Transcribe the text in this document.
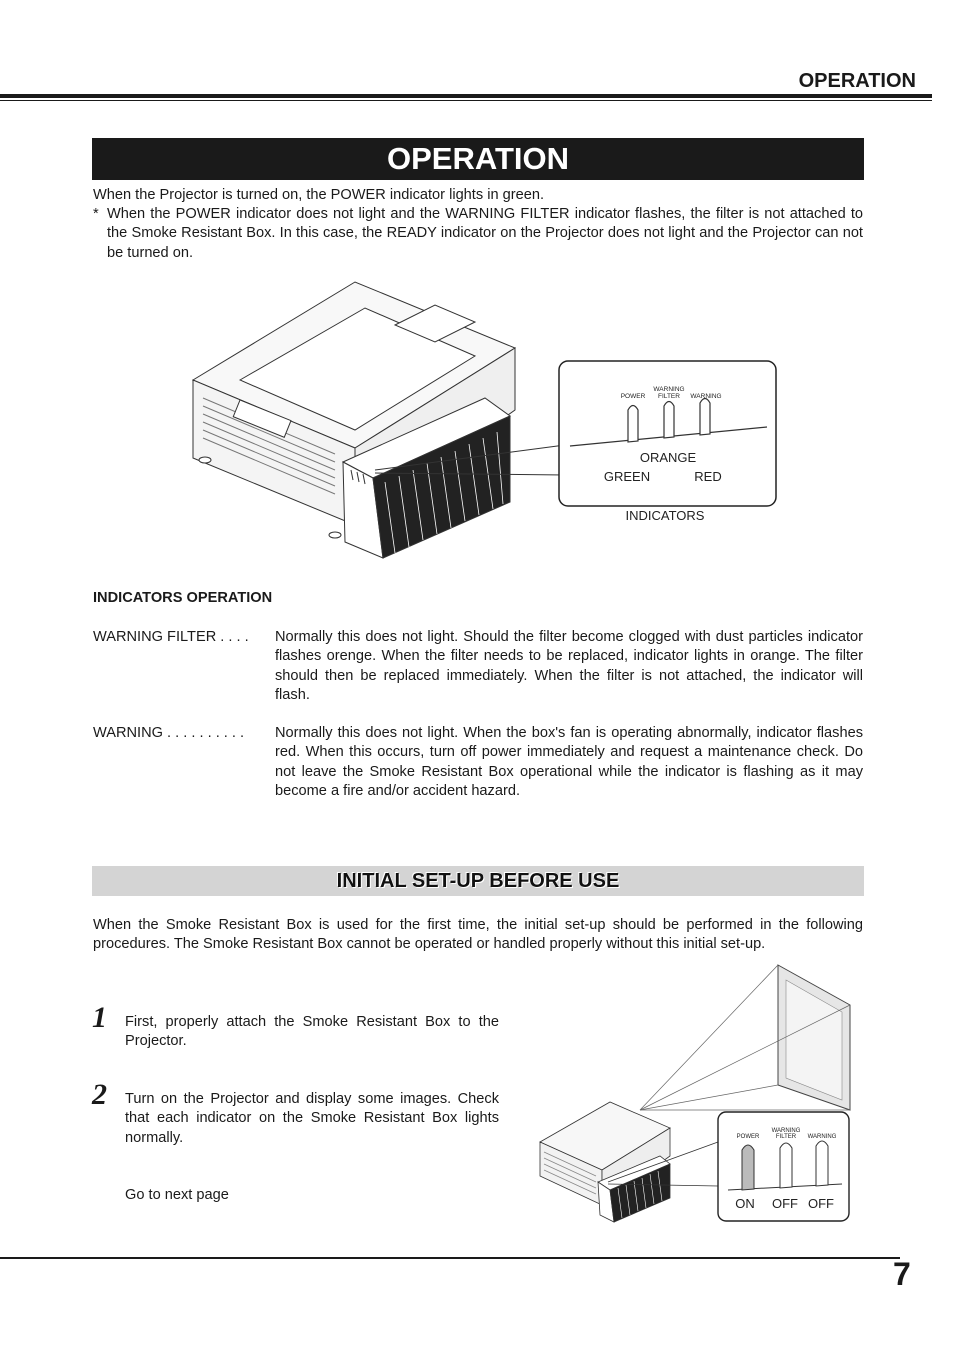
OPERATION
OPERATION
When the Projector is turned on, the POWER indicator lights in green.
* When the POWER indicator does not light and the WARNING FILTER indicator flashes, the filter is not attached to the Smoke Resistant Box. In this case, the READY indicator on the Projector does not light and the Projector can not be turned on.
POWER
WARNING
FILTER WARNING
ORANGE
GREEN	RED
INDICATORS
INDICATORS OPERATION
WARNING FILTER . . . . Normally this does not light. Should the filter become clogged with dust particles indicator flashes orenge. When the filter needs to be replaced, indicator lights in orange. The filter should then be replaced immediately. When the filter is not attached, the indicator will flash.
WARNING . . . . . . . . . . Normally this does not light. When the box's fan is operating abnormally, indicator flashes red. When this occurs, turn off power immediately and request a maintenance check. Do not leave the Smoke Resistant Box operational while the indicator is flashing as it may become a fire and/or accident hazard.
INITIAL SET-UP BEFORE USE
When the Smoke Resistant Box is used for the first time, the initial set-up should be performed in the following procedures. The Smoke Resistant Box cannot be operated or handled properly without this initial set-up.
1 First, properly attach the Smoke Resistant Box to the Projector.
2 Turn on the Projector and display some images. Check that each indicator on the Smoke Resistant Box lights normally.
Go to next page
POWER
WARNING
FILTER WARNING
ON OFF OFF
7
